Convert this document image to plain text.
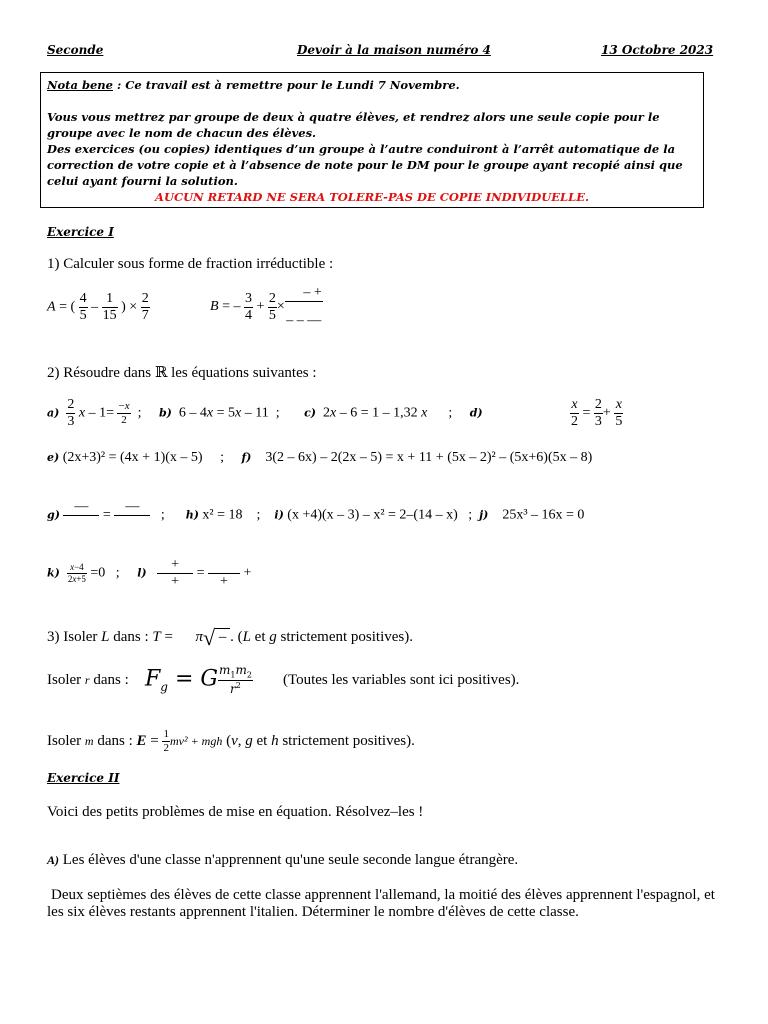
Seconde	Devoir à la maison numéro 4	13 Octobre 2023

Nota bene : Ce travail est à remettre pour le Lundi 7 Novembre.

Vous vous mettrez par groupe de deux à quatre élèves, et rendrez alors une seule copie pour le groupe avec le nom de chacun des élèves.

Des exercices (ou copies) identiques d’un groupe à l’autre conduiront à l’arrêt automatique de la correction de votre copie et à l’absence de note pour le DM pour le groupe ayant recopié ainsi que celui ayant fourni la solution.

AUCUN RETARD NE SERA TOLERE-PAS DE COPIE INDIVIDUELLE.

Exercice I
1) Calculer sous forme de fraction irréductible :
A = ( $\frac{4}{5} - \frac{1}{15}$ ) × $\frac{2}{7}$	B = – $\frac{3}{4} + \frac{2}{5} \times \frac{- +}{- - —}$
2) Résoudre dans ℝ les équations suivantes :
$a) \frac{2}{3}$ $x - 1= \frac{-x}{2}$ ;     b)  6 – 4x = 5x – 11  ;       c)  2x – 6 = 1 – 1,32 x      ;     d)	$\frac{x}{2} = \frac{2}{3} + \frac{x}{5}$
e) (2x+3)² = (4x + 1)(x – 5)     ;     f) 3(2 – 6x) – 2(2x – 5) = x + 11 + (5x – 2)² – (5x+6)(5x – 8)
g)
—

=
—

;      h) x² = 18    ;    i) (x +4)(x – 3) – x² = 2–(14 – x)   ;  j) 25x³ – 16x = 0
$k) \frac{x-4}{2x+5} =0$   ;     $l) \frac{+}{+}$ =

+
+
3) Isoler L dans : T =      π√ – . (L et g strictement positives).
Isoler r dans : $F_g = G \frac{m_1m_2}{r^2}$ (Toutes les variables sont ici positives).
Isoler m dans : $E = \frac{1}{2} mv^2$ + mgh (v, g et h strictement positives).
Exercice II
Voici des petits problèmes de mise en équation. Résolvez–les !
A) Les élèves d'une classe n'apprennent qu'une seule seconde langue étrangère.
Deux septièmes des élèves de cette classe apprennent l'allemand, la moitié des élèves apprennent l'espagnol, et les six élèves restants apprennent l'italien. Déterminer le nombre d'élèves de cette classe.
